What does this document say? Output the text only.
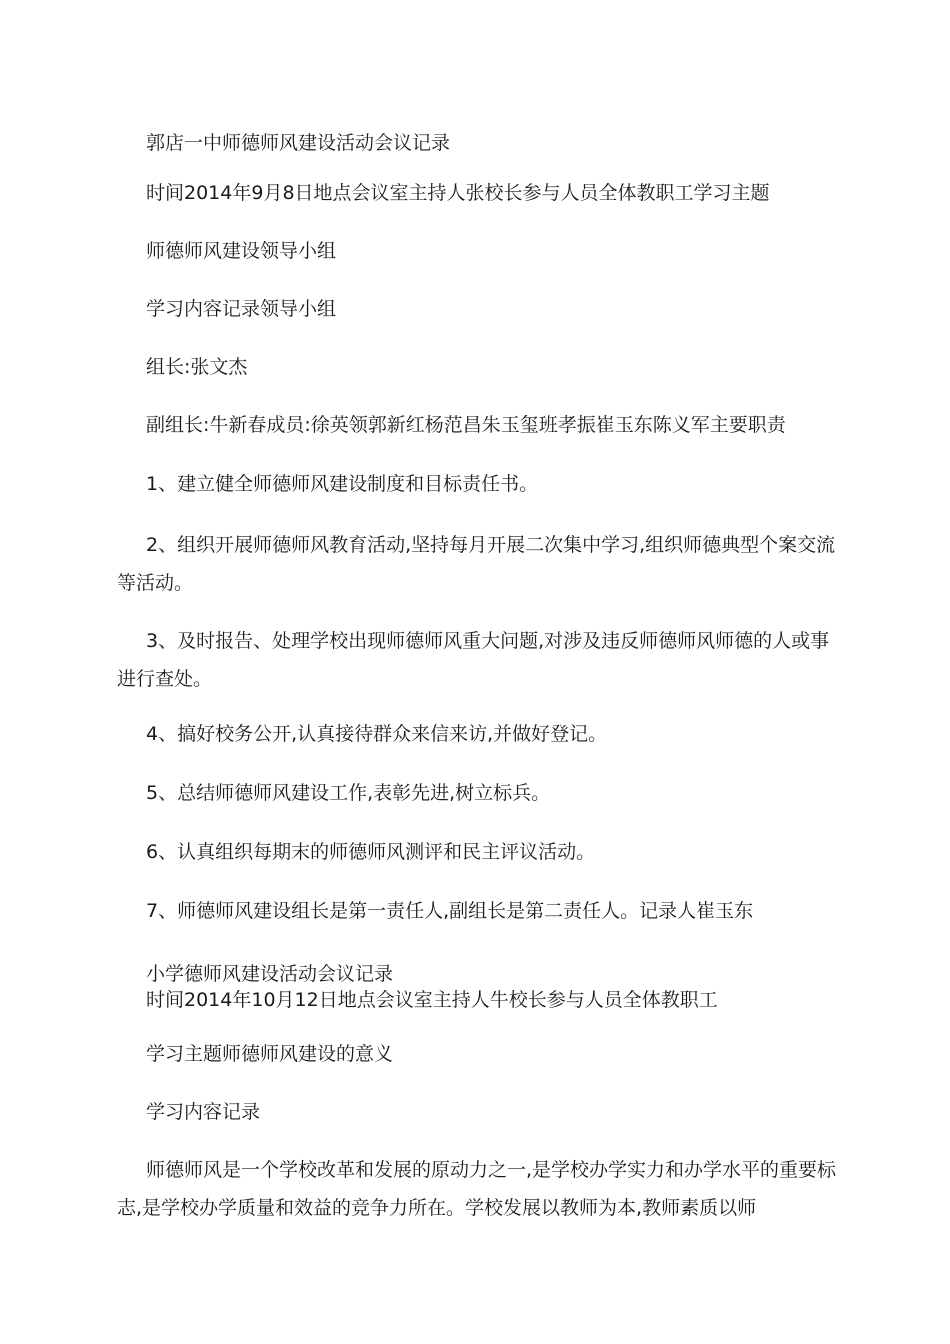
郭店一中师德师风建设活动会议记录

时间2014年9月8日地点会议室主持人张校长参与人员全体教职工学习主题

师德师风建设领导小组

学习内容记录领导小组

组长:张文杰

副组长:牛新春成员:徐英领郭新红杨范昌朱玉玺班孝振崔玉东陈义军主要职责

1、建立健全师德师风建设制度和目标责任书。

2、组织开展师德师风教育活动,坚持每月开展二次集中学习,组织师德典型个案交流等活动。

3、及时报告、处理学校出现师德师风重大问题,对涉及违反师德师风师德的人或事进行查处。

4、搞好校务公开,认真接待群众来信来访,并做好登记。

5、总结师德师风建设工作,表彰先进,树立标兵。

6、认真组织每期末的师德师风测评和民主评议活动。

7、师德师风建设组长是第一责任人,副组长是第二责任人。记录人崔玉东

小学德师风建设活动会议记录

时间2014年10月12日地点会议室主持人牛校长参与人员全体教职工

学习主题师德师风建设的意义

学习内容记录

师德师风是一个学校改革和发展的原动力之一,是学校办学实力和办学水平的重要标志,是学校办学质量和效益的竞争力所在。学校发展以教师为本,教师素质以师
